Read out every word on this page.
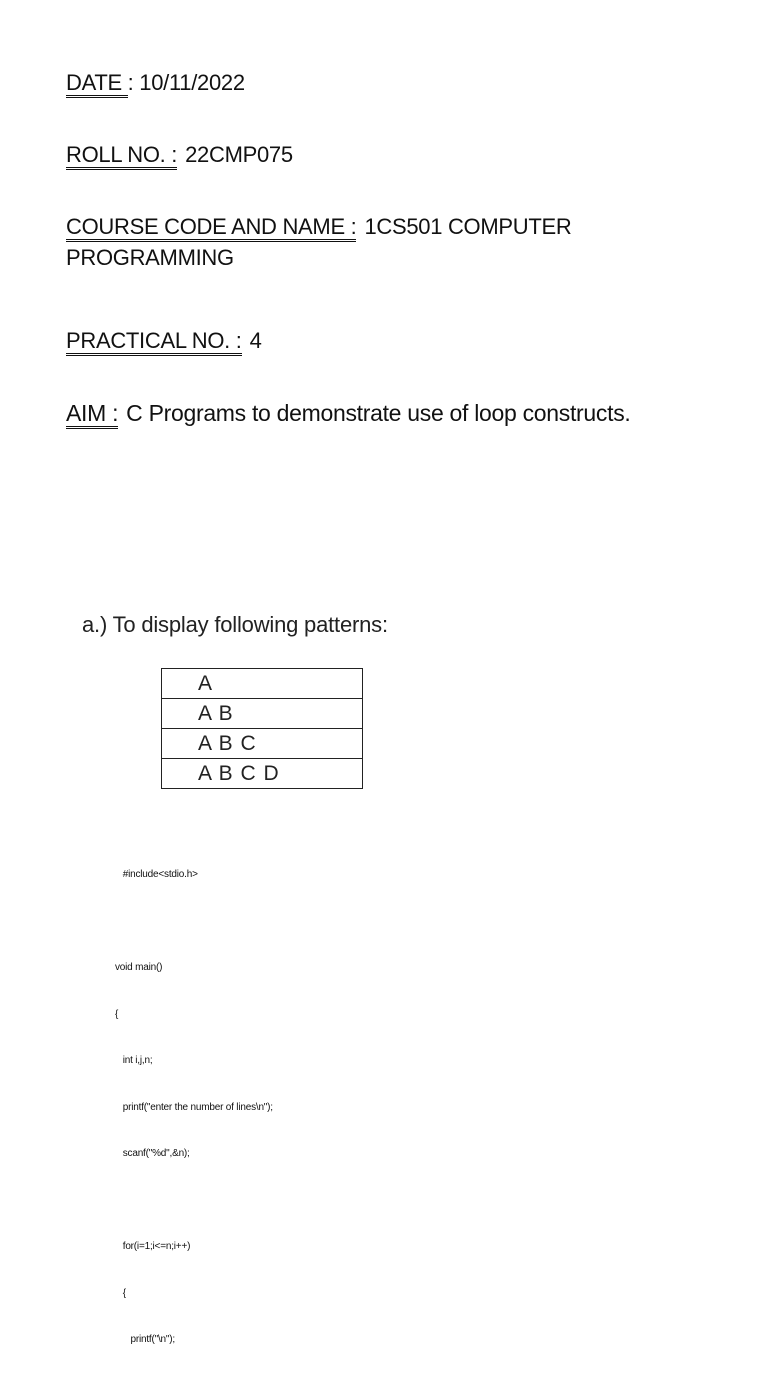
DATE : 10/11/2022
ROLL NO. : 22CMP075
COURSE CODE AND NAME : 1CS501 COMPUTER
PROGRAMMING
PRACTICAL NO. : 4
AIM : C Programs to demonstrate use of loop constructs.
a.) To display following patterns:
A
A B
A B C
A B C D

#include<stdio.h>

void main()

{

int i,j,n;

printf("enter the number of lines\n");

scanf("%d",&n);

for(i=1;i<=n;i++)

{

printf("\n");
